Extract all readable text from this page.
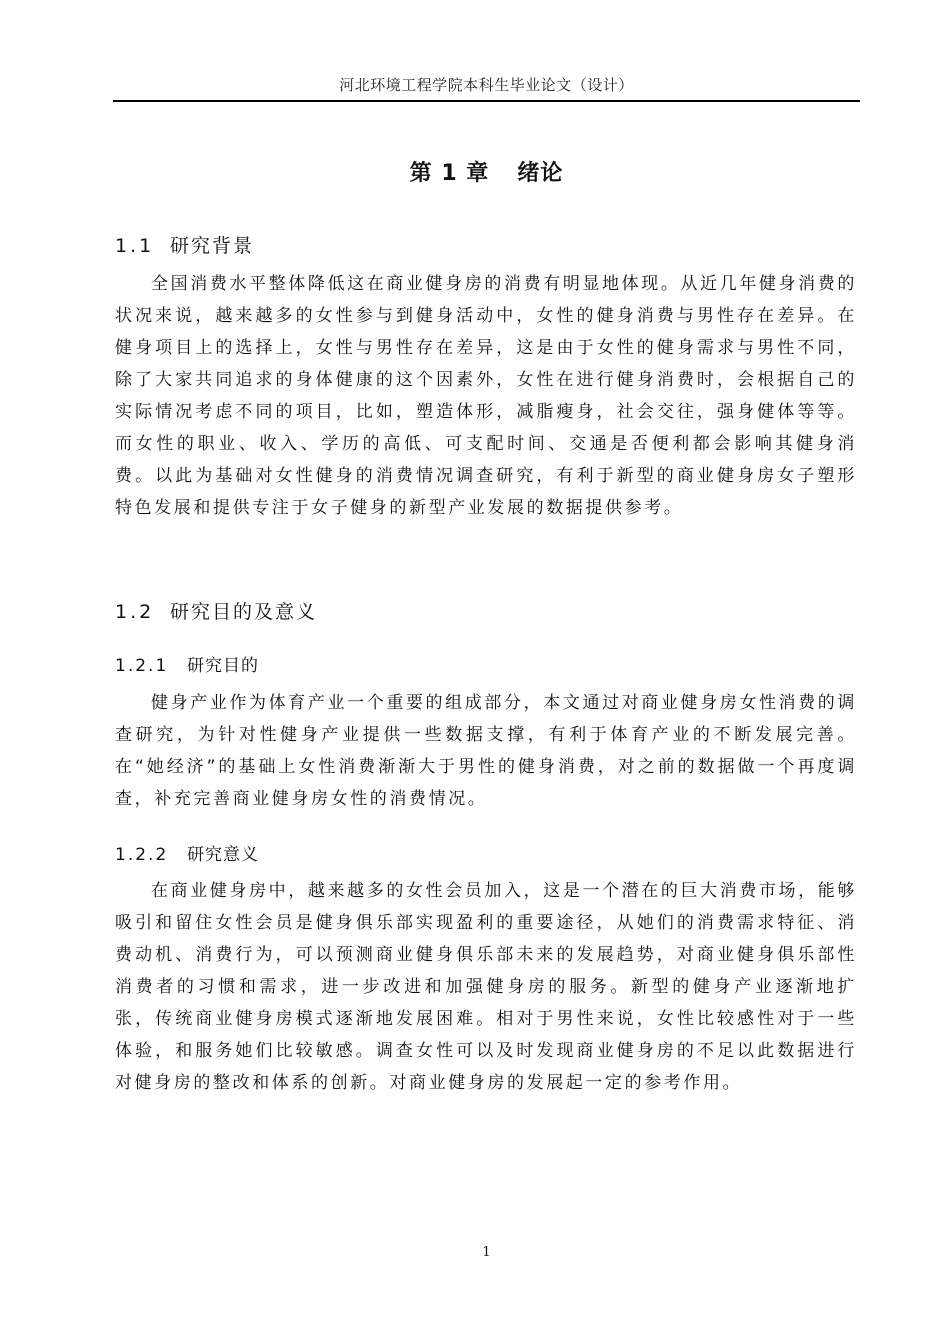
河北环境工程学院本科生毕业论文（设计）
第 1 章 绪论
1.1 研究背景

全国消费水平整体降低这在商业健身房的消费有明显地体现。从近几年健身消费的状况来说，越来越多的女性参与到健身活动中，女性的健身消费与男性存在差异。在健身项目上的选择上，女性与男性存在差异，这是由于女性的健身需求与男性不同，除了大家共同追求的身体健康的这个因素外，女性在进行健身消费时，会根据自己的实际情况考虑不同的项目，比如，塑造体形，减脂瘦身，社会交往，强身健体等等。而女性的职业、收入、学历的高低、可支配时间、交通是否便利都会影响其健身消费。以此为基础对女性健身的消费情况调查研究，有利于新型的商业健身房女子塑形特色发展和提供专注于女子健身的新型产业发展的数据提供参考。

1.2 研究目的及意义
1.2.1 研究目的

健身产业作为体育产业一个重要的组成部分，本文通过对商业健身房女性消费的调查研究，为针对性健身产业提供一些数据支撑，有利于体育产业的不断发展完善。在“她经济”的基础上女性消费渐渐大于男性的健身消费，对之前的数据做一个再度调查，补充完善商业健身房女性的消费情况。

1.2.2 研究意义

在商业健身房中，越来越多的女性会员加入，这是一个潜在的巨大消费市场，能够吸引和留住女性会员是健身俱乐部实现盈利的重要途径，从她们的消费需求特征、消费动机、消费行为，可以预测商业健身俱乐部未来的发展趋势，对商业健身俱乐部性消费者的习惯和需求，进一步改进和加强健身房的服务。新型的健身产业逐渐地扩张，传统商业健身房模式逐渐地发展困难。相对于男性来说，女性比较感性对于一些体验，和服务她们比较敏感。调查女性可以及时发现商业健身房的不足以此数据进行对健身房的整改和体系的创新。对商业健身房的发展起一定的参考作用。

1
